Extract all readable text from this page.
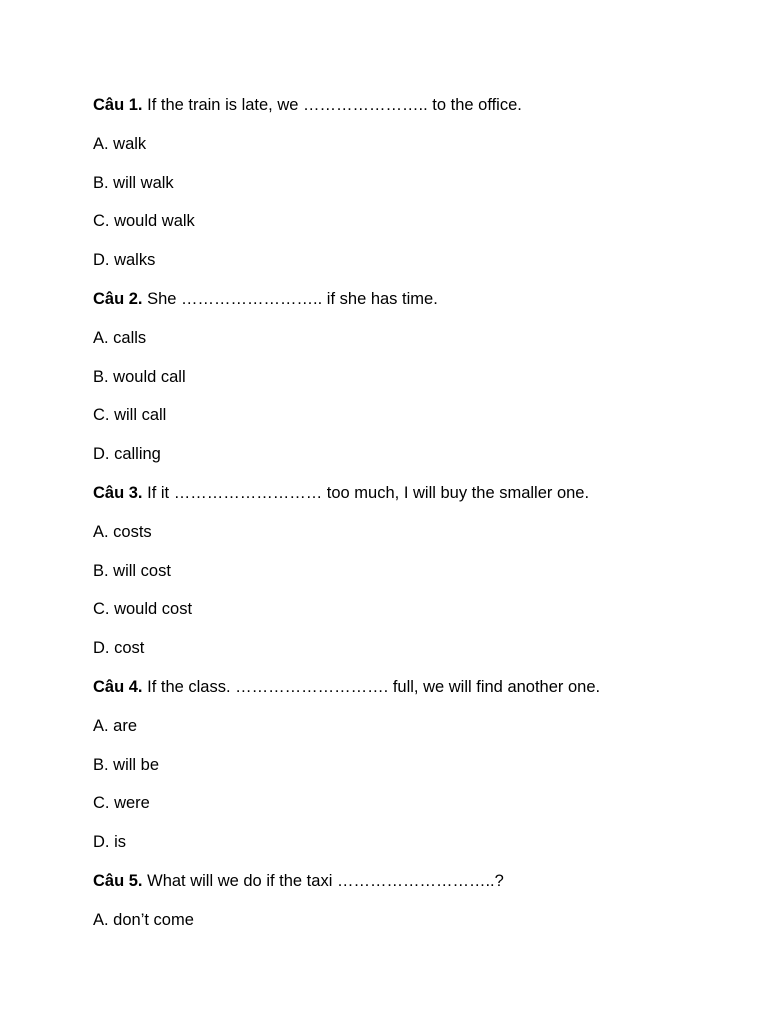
Câu 1. If the train is late, we ………………….. to the office.
A. walk
B. will walk
C. would walk
D. walks
Câu 2. She …………………….. if she has time.
A. calls
B. would call
C. will call
D. calling
Câu 3. If it ……………………… too much, I will buy the smaller one.
A. costs
B. will cost
C. would cost
D. cost
Câu 4. If the class. ………………………. full, we will find another one.
A. are
B. will be
C. were
D. is
Câu 5. What will we do if the taxi ………………………..?
A. don’t come
